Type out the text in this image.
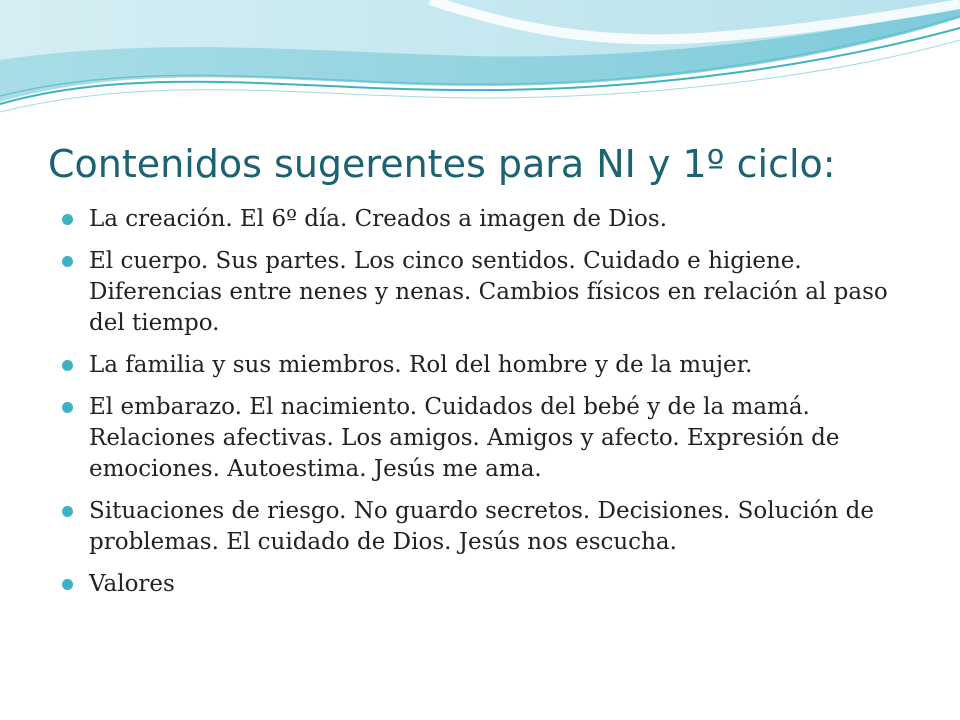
Contenidos sugerentes para NI y 1º ciclo:
La creación. El 6º día. Creados a imagen de Dios.
El cuerpo. Sus partes. Los cinco sentidos. Cuidado e higiene. Diferencias entre nenes y nenas. Cambios físicos en relación al paso del tiempo.
La familia y sus miembros. Rol del hombre y de la mujer.
El embarazo. El nacimiento. Cuidados del bebé y de la mamá. Relaciones afectivas. Los amigos. Amigos y afecto. Expresión de emociones. Autoestima. Jesús me ama.
Situaciones de riesgo. No guardo secretos. Decisiones. Solución de problemas. El cuidado de Dios. Jesús nos escucha.
Valores
